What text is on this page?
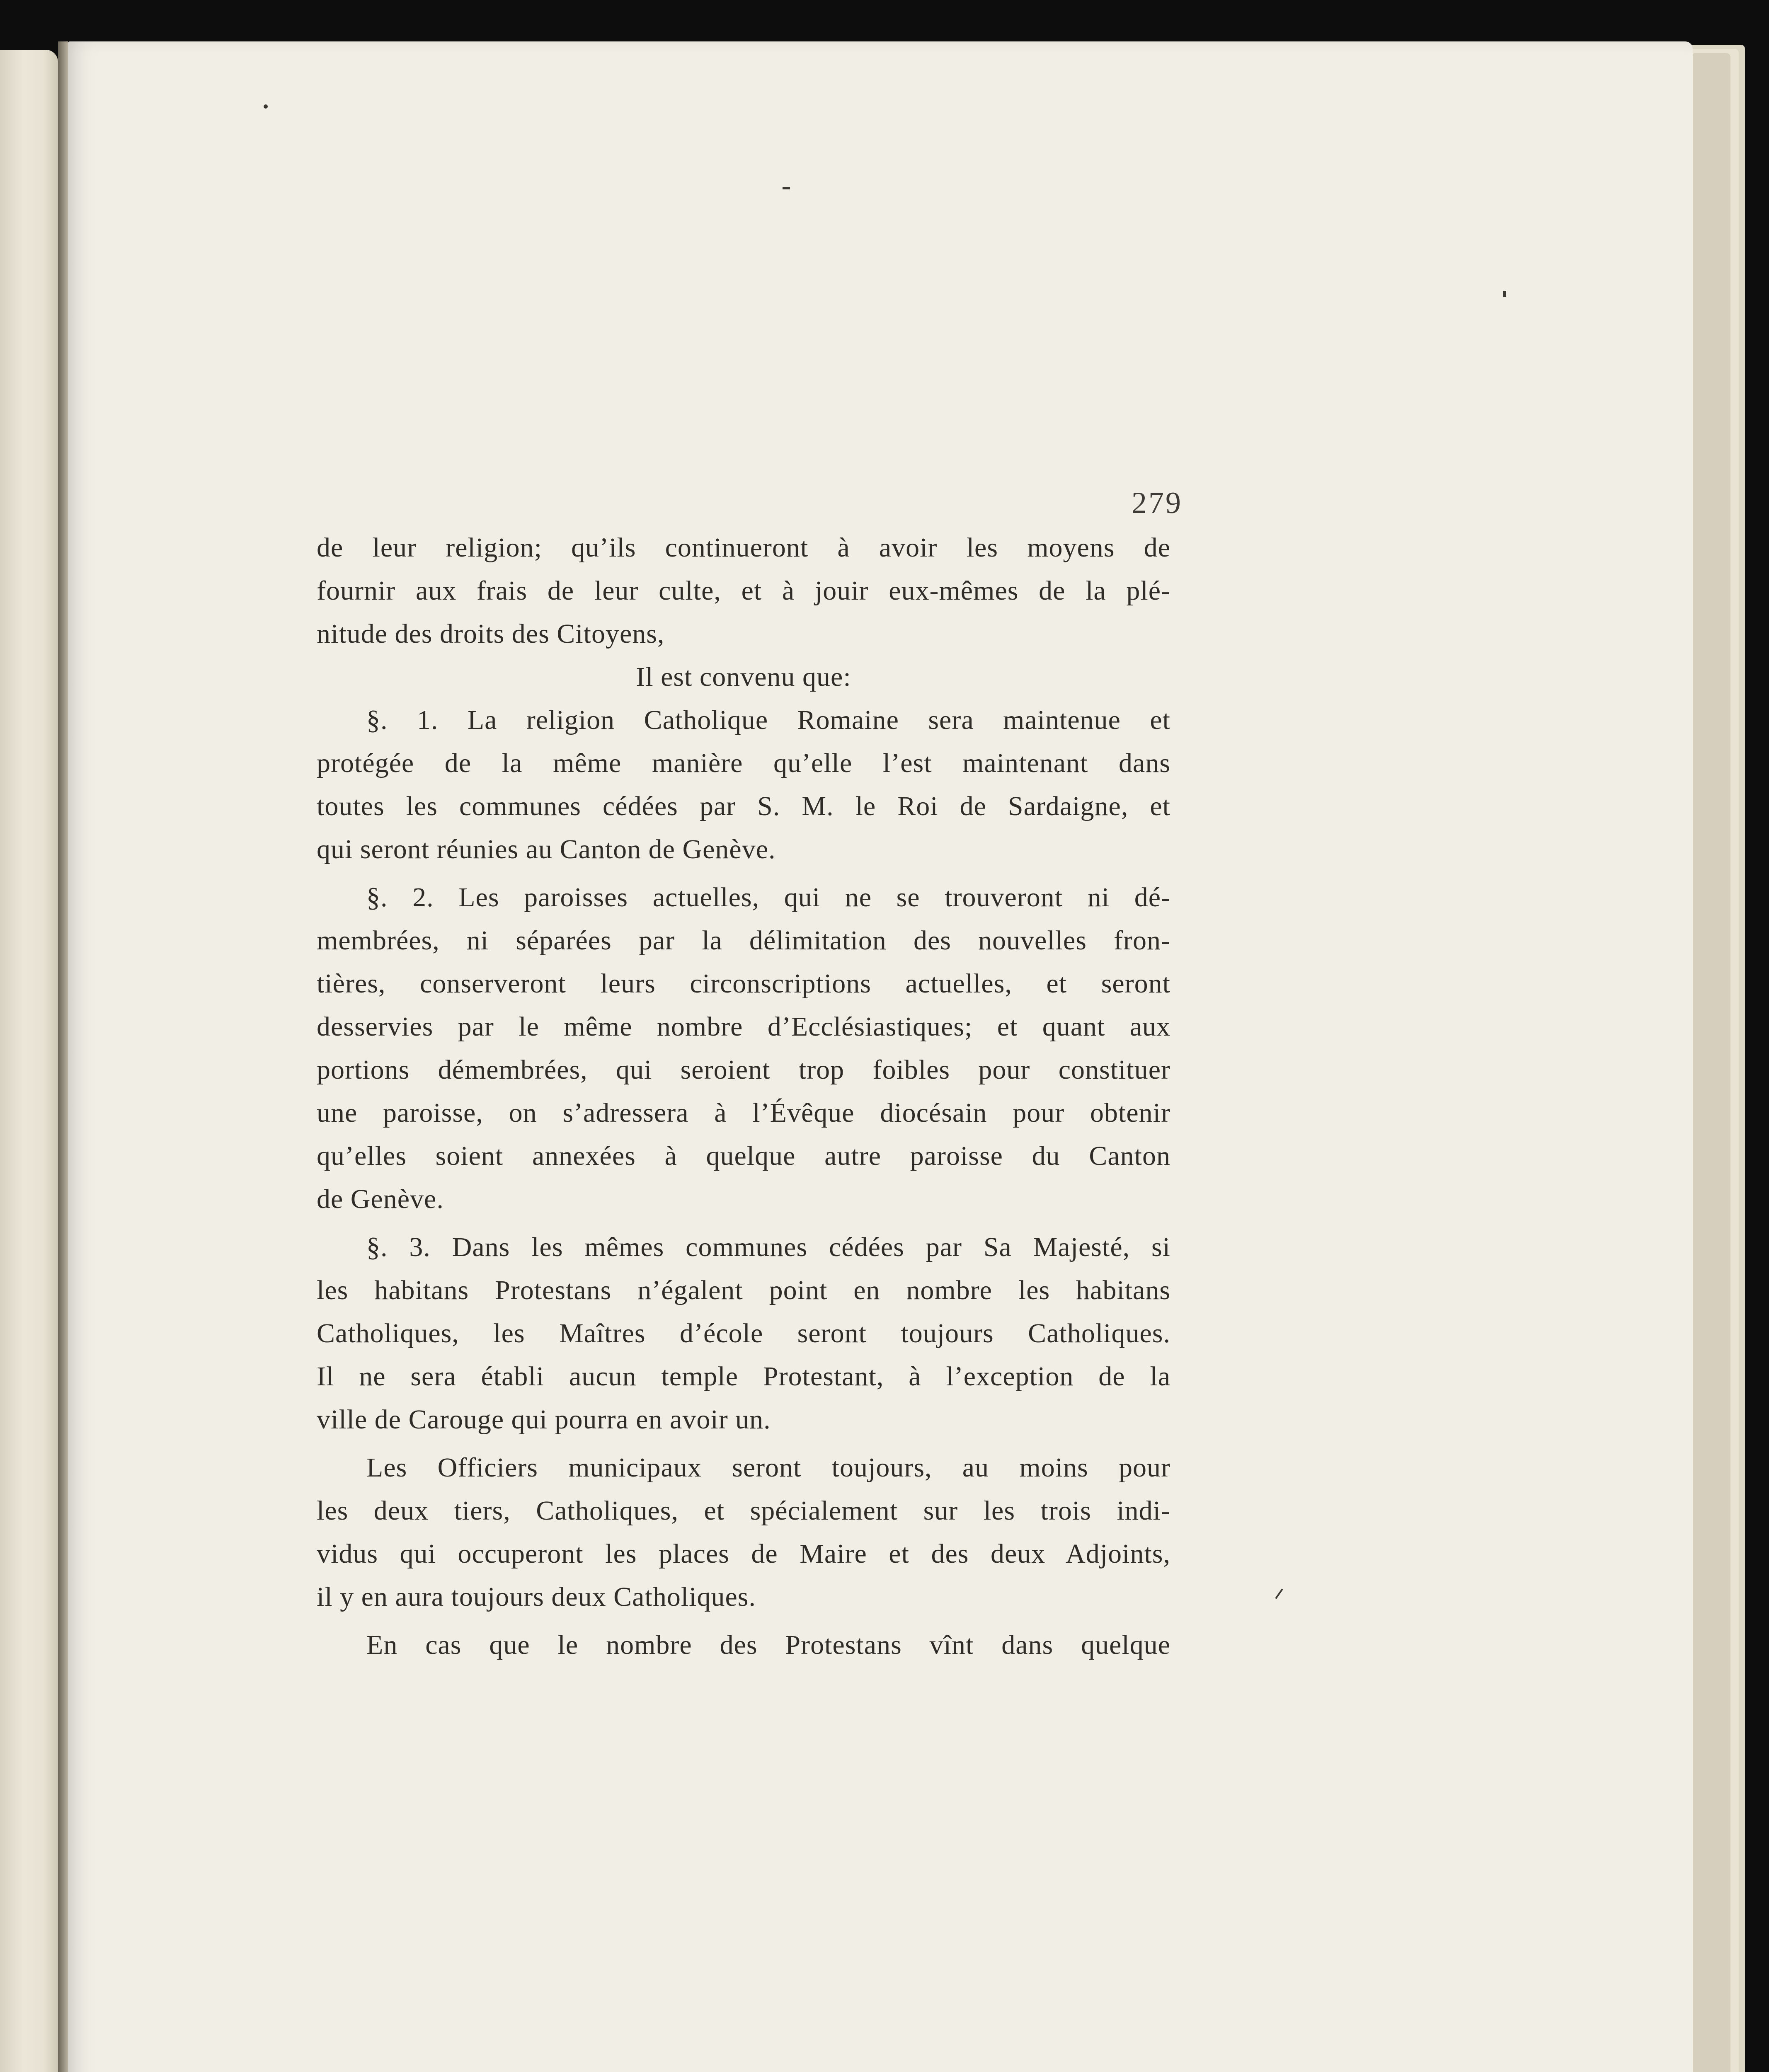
279
de leur religion; qu’ils continueront à avoir les moyens de
fournir aux frais de leur culte, et à jouir eux-mêmes de la plé-
nitude des droits des Citoyens,
Il est convenu que:
§. 1. La religion Catholique Romaine sera maintenue et
protégée de la même manière qu’elle l’est maintenant dans
toutes les communes cédées par S. M. le Roi de Sardaigne, et
qui seront réunies au Canton de Genève.
§. 2. Les paroisses actuelles, qui ne se trouveront ni dé-
membrées, ni séparées par la délimitation des nouvelles fron-
tières, conserveront leurs circonscriptions actuelles, et seront
desservies par le même nombre d’Ecclésiastiques; et quant aux
portions démembrées, qui seroient trop foibles pour constituer
une paroisse, on s’adressera à l’Évêque diocésain pour obtenir
qu’elles soient annexées à quelque autre paroisse du Canton
de Genève.
§. 3. Dans les mêmes communes cédées par Sa Majesté, si
les habitans Protestans n’égalent point en nombre les habitans
Catholiques, les Maîtres d’école seront toujours Catholiques.
Il ne sera établi aucun temple Protestant, à l’exception de la
ville de Carouge qui pourra en avoir un.
Les Officiers municipaux seront toujours, au moins pour
les deux tiers, Catholiques, et spécialement sur les trois indi-
vidus qui occuperont les places de Maire et des deux Adjoints,
il y en aura toujours deux Catholiques.
En cas que le nombre des Protestans vînt dans quelque
